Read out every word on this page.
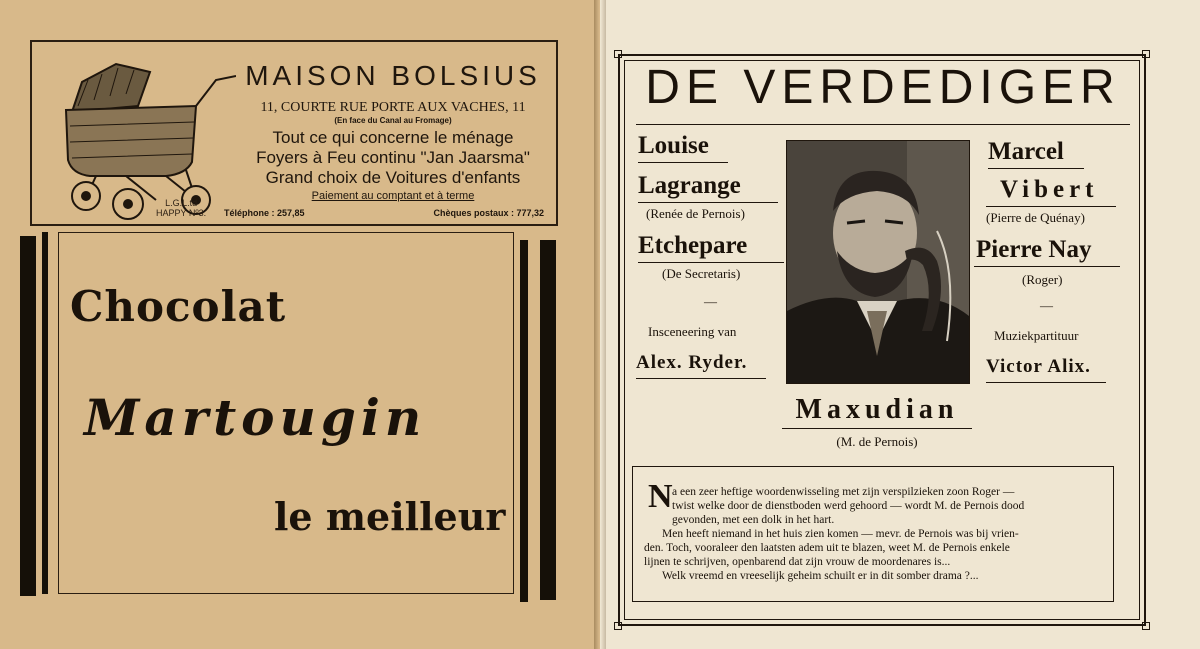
L.G.L.td
HAPPY Nº3.
MAISON BOLSIUS
11, COURTE RUE PORTE AUX VACHES, 11
(En face du Canal au Fromage)
Tout ce qui concerne le ménage
Foyers à Feu continu "Jan Jaarsma"
Grand choix de Voitures d'enfants
Paiement au comptant et à terme
Téléphone : 257,85	Chèques postaux : 777,32
Chocolat
Martougin
le meilleur
DE VERDEDIGER
Louise
Lagrange
(Renée de Pernois)
Etchepare
(De Secretaris)
—
Insceneering van
Alex. Ryder.
Marcel
Vibert
(Pierre de Quénay)
Pierre Nay
(Roger)
—
Muziekpartituur
Victor Alix.
Maxudian
(M. de Pernois)
N a een zeer heftige woordenwisseling met zijn verspilzieken zoon Roger —
twist welke door de dienstboden werd gehoord — wordt M. de Pernois dood
gevonden, met een dolk in het hart.
Men heeft niemand in het huis zien komen — mevr. de Pernois was bij vrien-
den. Toch, vooraleer den laatsten adem uit te blazen, weet M. de Pernois enkele
lijnen te schrijven, openbarend dat zijn vrouw de moordenares is...
Welk vreemd en vreeselijk geheim schuilt er in dit somber drama ?...
